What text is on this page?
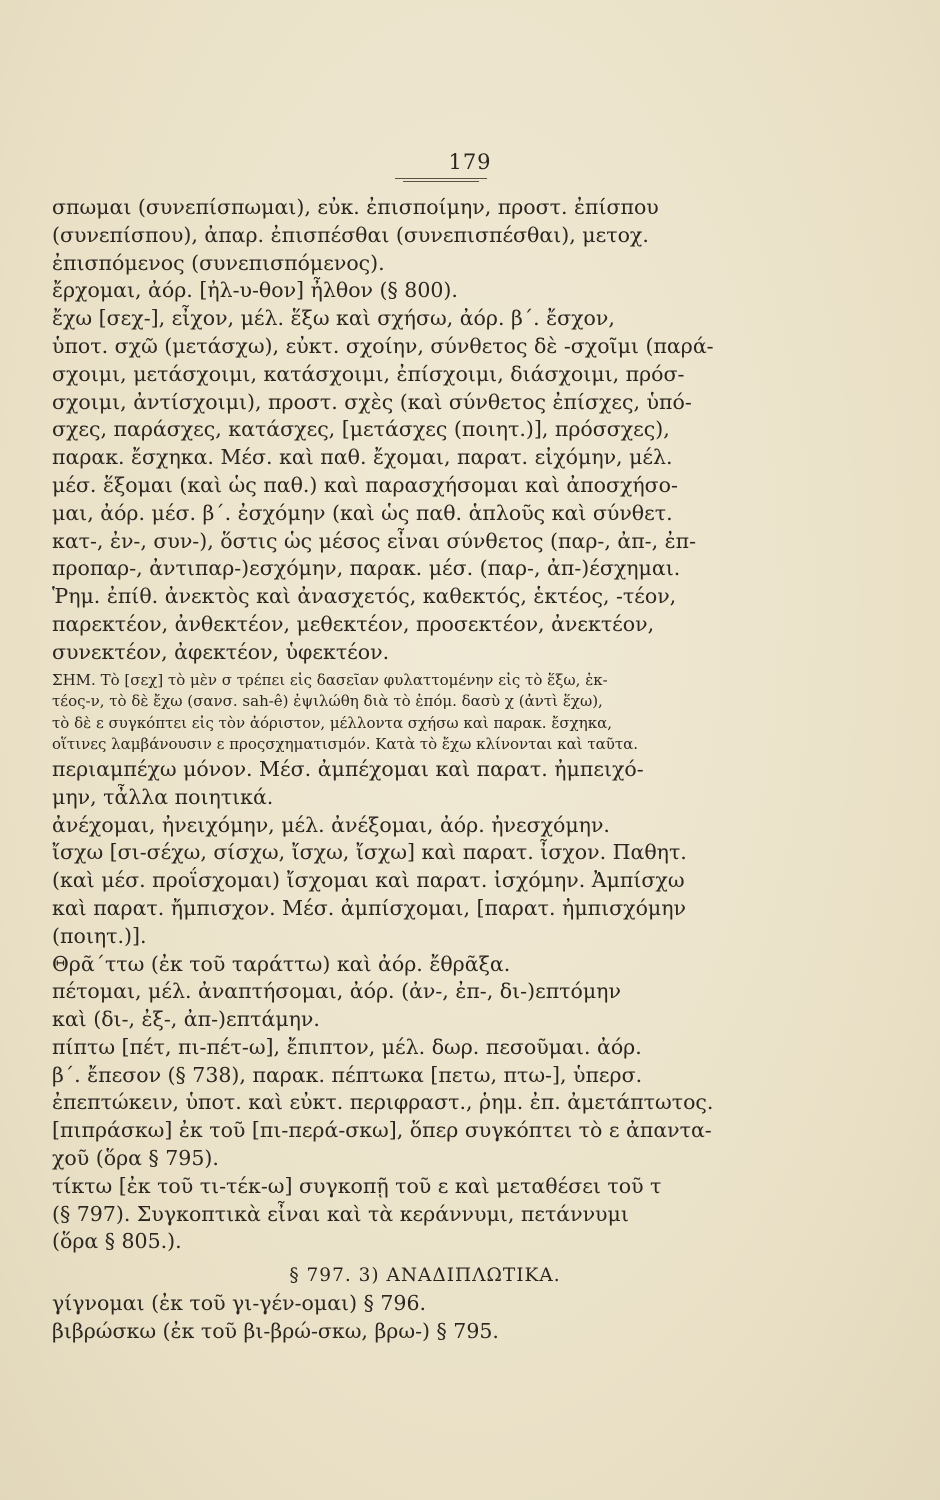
179
σπωμαι (συνεπίσπωμαι), εὐκ. ἐπισποίμην, προστ. ἐπίσπου
(συνεπίσπου), ἀπαρ. ἐπισπέσθαι (συνεπισπέσθαι), μετοχ.
ἐπισπόμενος (συνεπισπόμενος).
ἔρχομαι, ἀόρ. [ἠλ-υ-θον] ἦλθον (§ 800).
ἔχω [σεχ-], εἶχον, μέλ. ἕξω καὶ σχήσω, ἀόρ. β΄. ἔσχον,
ὑποτ. σχῶ (μετάσχω), εὐκτ. σχοίην, σύνθετος δὲ -σχοῖμι (παρά-
σχοιμι, μετάσχοιμι, κατάσχοιμι, ἐπίσχοιμι, διάσχοιμι, πρόσ-
σχοιμι, ἀντίσχοιμι), προστ. σχὲς (καὶ σύνθετος ἐπίσχες, ὑπό-
σχες, παράσχες, κατάσχες, [μετάσχες (ποιητ.)], πρόσσχες),
παρακ. ἔσχηκα. Μέσ. καὶ παθ. ἔχομαι, παρατ. εἰχόμην, μέλ.
μέσ. ἕξομαι (καὶ ὡς παθ.) καὶ παρασχήσομαι καὶ ἀποσχήσο-
μαι, ἀόρ. μέσ. β΄. ἐσχόμην (καὶ ὡς παθ. ἁπλοῦς καὶ σύνθετ.
κατ-, ἐν-, συν-), ὅστις ὡς μέσος εἶναι σύνθετος (παρ-, ἀπ-, ἐπ-
προπαρ-, ἀντιπαρ-)εσχόμην, παρακ. μέσ. (παρ-, ἀπ-)έσχημαι.
Ῥημ. ἐπίθ. ἀνεκτὸς καὶ ἀνασχετός, καθεκτός, ἑκτέος, -τέον,
παρεκτέον, ἀνθεκτέον, μεθεκτέον, προσεκτέον, ἀνεκτέον,
συνεκτέον, ἀφεκτέον, ὑφεκτέον.
ΣΗΜ. Τὸ [σεχ] τὸ μὲν σ τρέπει εἰς δασεῖαν φυλαττομένην εἰς τὸ ἕξω, ἑκ-
τέος-ν, τὸ δὲ ἔχω (σανσ. sah-ê) ἐψιλώθη διὰ τὸ ἑπόμ. δασὺ χ (ἀντὶ ἕχω),
τὸ δὲ ε συγκόπτει εἰς τὸν ἀόριστον, μέλλοντα σχήσω καὶ παρακ. ἔσχηκα,
οἵτινες λαμβάνουσιν ε προςσχηματισμόν. Κατὰ τὸ ἔχω κλίνονται καὶ ταῦτα.
περιαμπέχω μόνον. Μέσ. ἀμπέχομαι καὶ παρατ. ἠμπειχό-
μην, τἆλλα ποιητικά.
ἀνέχομαι, ἠνειχόμην, μέλ. ἀνέξομαι, ἀόρ. ἠνεσχόμην.
ἴσχω [σι-σέχω, σίσχω, ἴσχω, ἴσχω] καὶ παρατ. ἶσχον. Παθητ.
(καὶ μέσ. προΐσχομαι) ἴσχομαι καὶ παρατ. ἰσχόμην. Ἀμπίσχω
καὶ παρατ. ἤμπισχον. Μέσ. ἀμπίσχομαι, [παρατ. ἠμπισχόμην
(ποιητ.)].
Θρᾶ΄ττω (ἐκ τοῦ ταράττω) καὶ ἀόρ. ἔθρᾶξα.
πέτομαι, μέλ. ἀναπτήσομαι, ἀόρ. (ἀν-, ἐπ-, δι-)επτόμην
καὶ (δι-, ἐξ-, ἀπ-)επτάμην.
πίπτω [πέτ, πι-πέτ-ω], ἔπιπτον, μέλ. δωρ. πεσοῦμαι. ἀόρ.
β΄. ἔπεσον (§ 738), παρακ. πέπτωκα [πετω, πτω-], ὑπερσ.
ἐπεπτώκειν, ὑποτ. καὶ εὐκτ. περιφραστ., ῥημ. ἐπ. ἀμετάπτωτος.
[πιπράσκω] ἐκ τοῦ [πι-περά-σκω], ὅπερ συγκόπτει τὸ ε ἀπαντα-
χοῦ (ὅρα § 795).
τίκτω [ἐκ τοῦ τι-τέκ-ω] συγκοπῇ τοῦ ε καὶ μεταθέσει τοῦ τ
(§ 797). Συγκοπτικὰ εἶναι καὶ τὰ κεράννυμι, πετάννυμι
(ὅρα § 805.).
§ 797. 3) ΑΝΑΔΙΠΛΩΤΙΚΑ.
γίγνομαι (ἐκ τοῦ γι-γέν-ομαι) § 796.
βιβρώσκω (ἐκ τοῦ βι-βρώ-σκω, βρω-) § 795.
